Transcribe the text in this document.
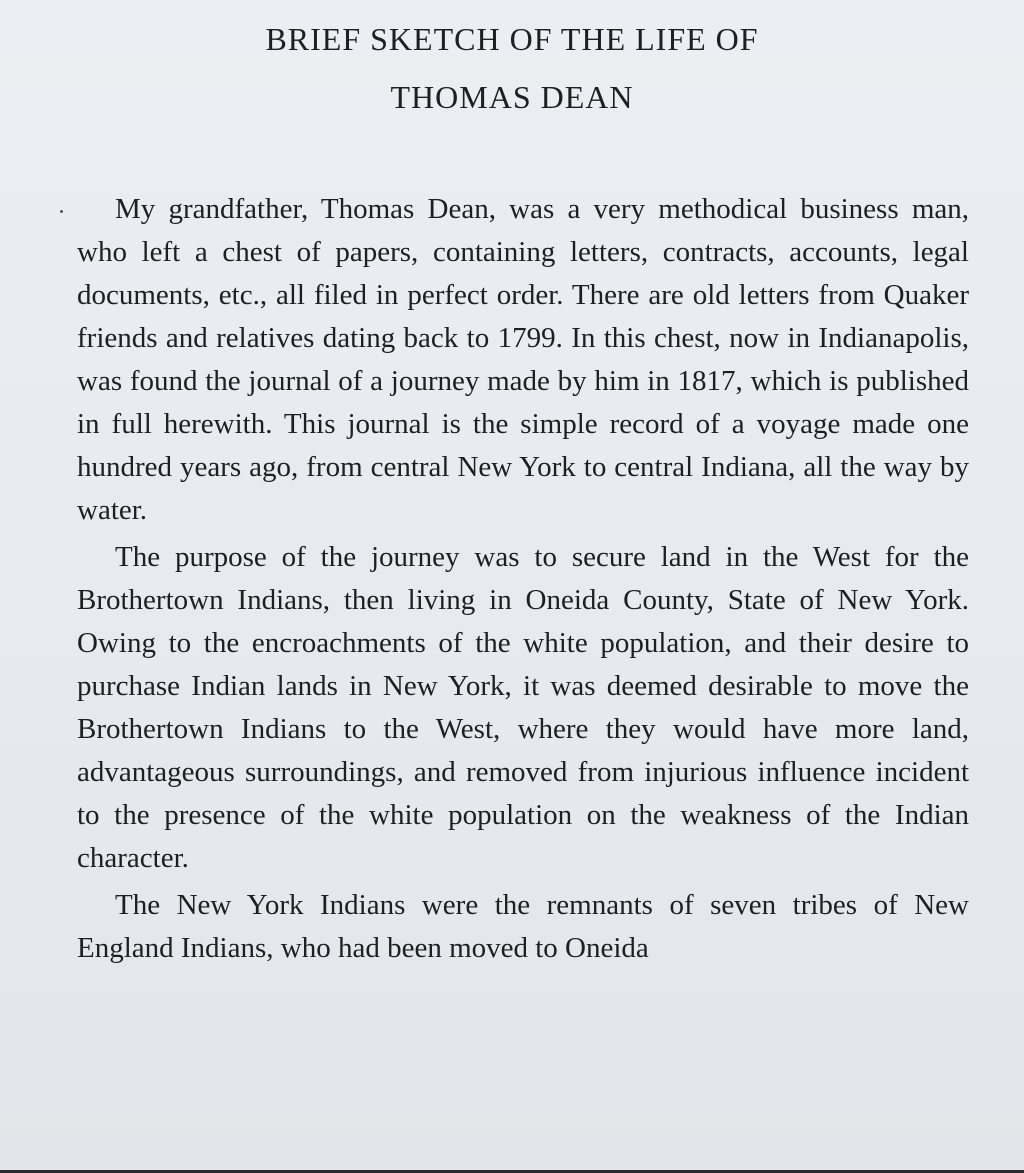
BRIEF SKETCH OF THE LIFE OF
THOMAS DEAN

My grandfather, Thomas Dean, was a very methodical business man, who left a chest of papers, containing letters, contracts, accounts, legal documents, etc., all filed in perfect order. There are old letters from Quaker friends and relatives dating back to 1799. In this chest, now in Indianapolis, was found the journal of a journey made by him in 1817, which is published in full herewith. This journal is the simple record of a voyage made one hundred years ago, from central New York to central Indiana, all the way by water.

The purpose of the journey was to secure land in the West for the Brothertown Indians, then living in Oneida County, State of New York. Owing to the encroachments of the white population, and their desire to purchase Indian lands in New York, it was deemed desirable to move the Brothertown Indians to the West, where they would have more land, advantageous surroundings, and removed from injurious influence incident to the presence of the white population on the weakness of the Indian character.

The New York Indians were the remnants of seven tribes of New England Indians, who had been moved to Oneida
